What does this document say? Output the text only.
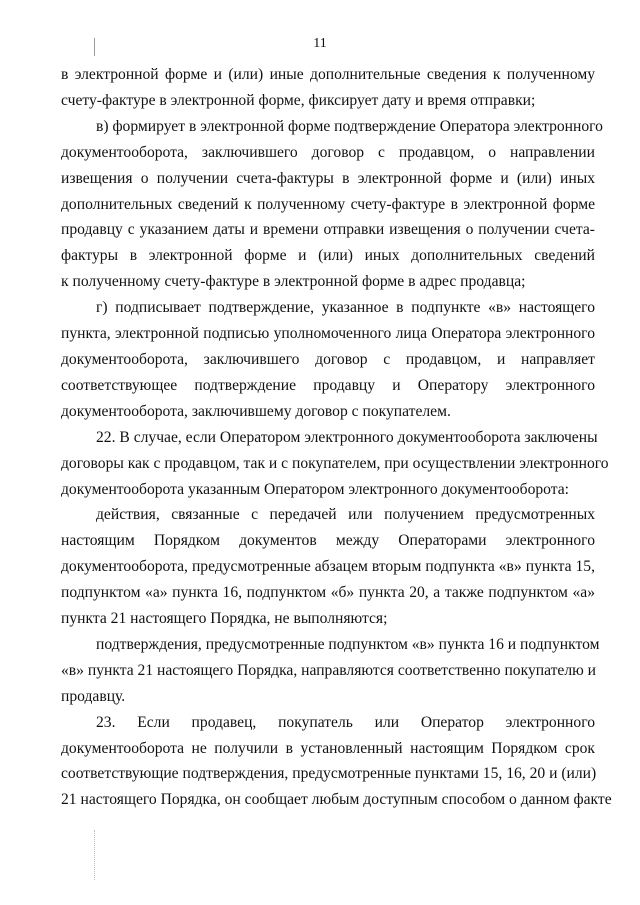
11
в электронной форме и (или) иные дополнительные сведения к полученному
счету-фактуре в электронной форме, фиксирует дату и время отправки;
в) формирует в электронной форме подтверждение Оператора электронного
документооборота, заключившего договор с продавцом, о направлении
извещения о получении счета-фактуры в электронной форме и (или) иных
дополнительных сведений к полученному счету-фактуре в электронной форме
продавцу с указанием даты и времени отправки извещения о получении счета-
фактуры в электронной форме и (или) иных дополнительных сведений
к полученному счету-фактуре в электронной форме в адрес продавца;
г) подписывает подтверждение, указанное в подпункте «в» настоящего
пункта, электронной подписью уполномоченного лица Оператора электронного
документооборота, заключившего договор с продавцом, и направляет
соответствующее подтверждение продавцу и Оператору электронного
документооборота, заключившему договор с покупателем.
22. В случае, если Оператором электронного документооборота заключены
договоры как с продавцом, так и с покупателем, при осуществлении электронного
документооборота указанным Оператором электронного документооборота:
действия, связанные с передачей или получением предусмотренных
настоящим Порядком документов между Операторами электронного
документооборота, предусмотренные абзацем вторым подпункта «в» пункта 15,
подпунктом «а» пункта 16, подпунктом «б» пункта 20, а также подпунктом «а»
пункта 21 настоящего Порядка, не выполняются;
подтверждения, предусмотренные подпунктом «в» пункта 16 и подпунктом
«в» пункта 21 настоящего Порядка, направляются соответственно покупателю и
продавцу.
23. Если продавец, покупатель или Оператор электронного
документооборота не получили в установленный настоящим Порядком срок
соответствующие подтверждения, предусмотренные пунктами 15, 16, 20 и (или)
21 настоящего Порядка, он сообщает любым доступным способом о данном факте
